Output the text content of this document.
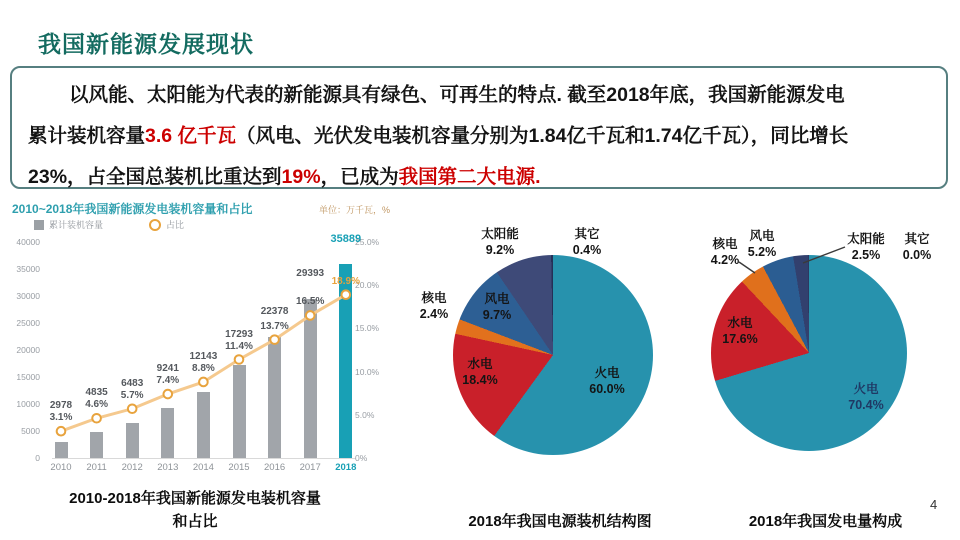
我国新能源发展现状
以风能、太阳能为代表的新能源具有绿色、可再生的特点. 截至2018年底，我国新能源发电
累计装机容量3.6 亿千瓦（风电、光伏发电装机容量分别为1.84亿千瓦和1.74亿千瓦），同比增长
23%，占全国总装机比重达到19%，已成为我国第二大电源.
2010~2018年我国新能源发电装机容量和占比	单位：万千瓦，%
累计装机容量	占比
40000
35000
30000
25000
20000
15000
10000
5000
0
25.0%
20.0%
15.0%
10.0%
5.0%
0%
2010
2978
3.1%
2011
4835
4.6%
2012
6483
5.7%
2013
9241
7.4%
2014
12143
8.8%
2015
17293
11.4%
2016
22378
13.7%
2017
29393
16.5%
2018
35889
18.9%
火电
60.0%
水电
18.4%
核电
2.4%
风电
9.7%
太阳能
9.2%
其它
0.4%
火电
70.4%
水电
17.6%
核电
4.2%
风电
5.2%
太阳能
2.5%
其它
0.0%
2010-2018年我国新能源发电装机容量
和占比	2018年我国电源装机结构图	2018年我国发电量构成
4
